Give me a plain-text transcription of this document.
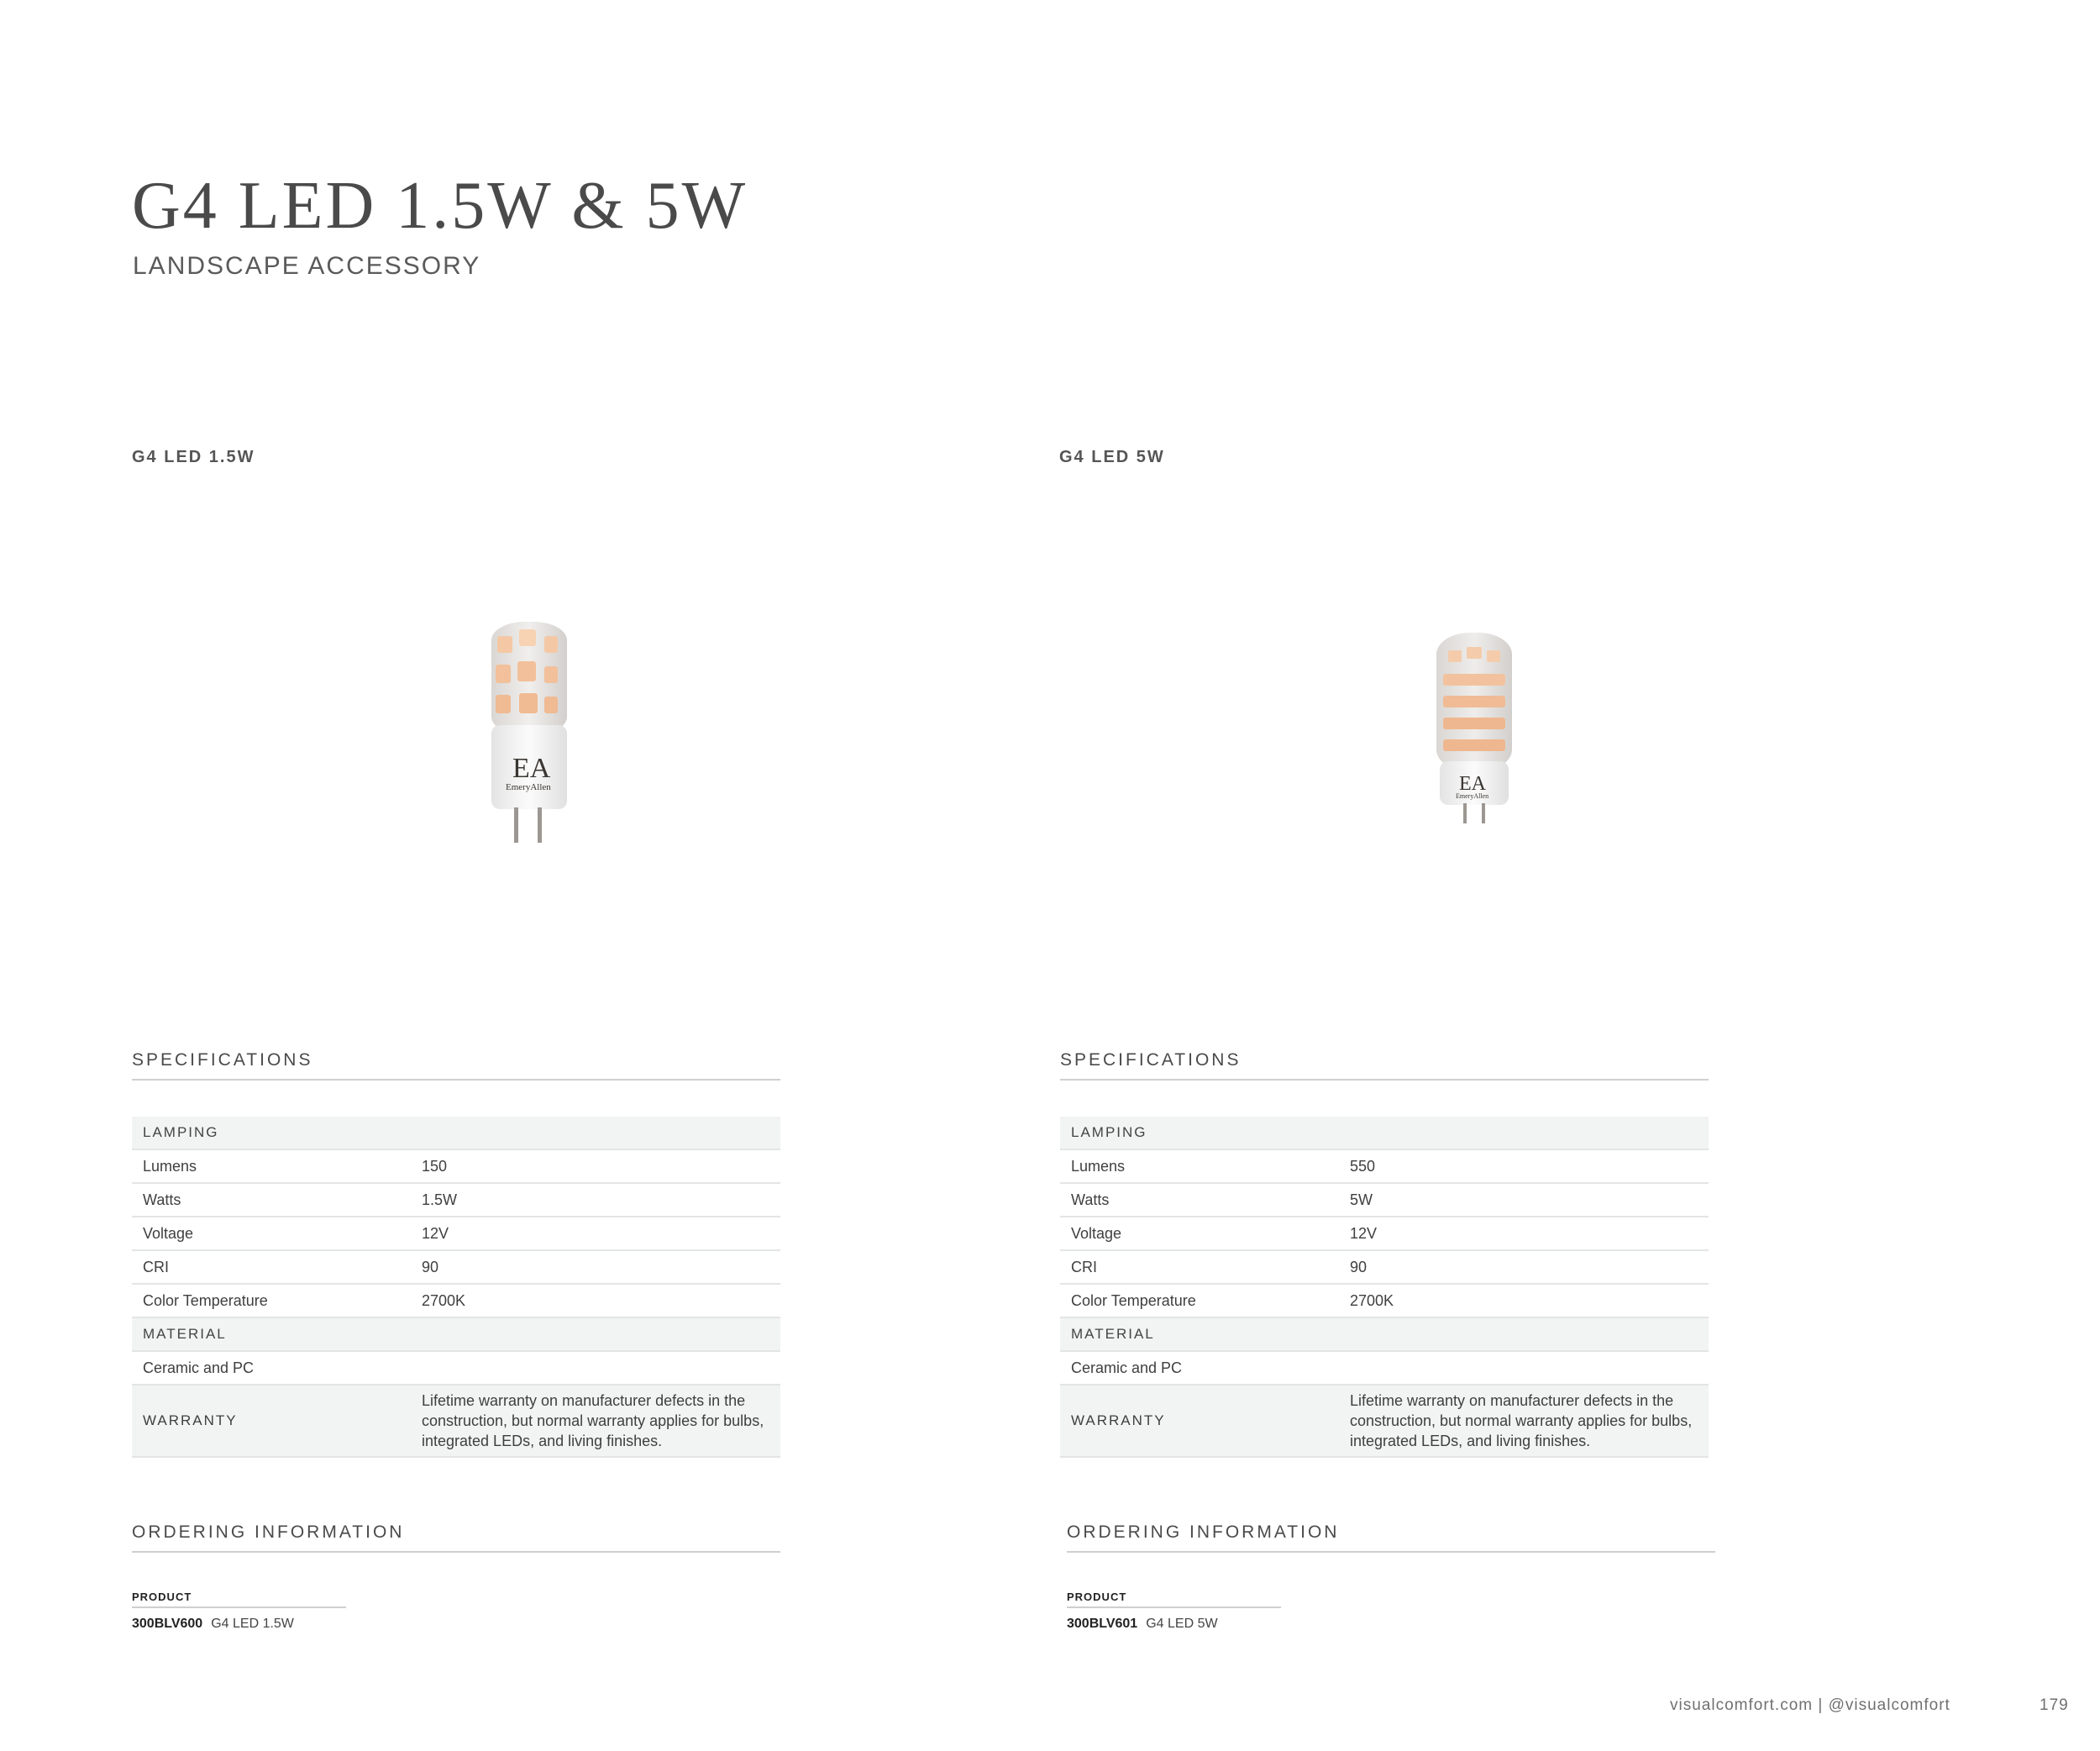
G4 LED 1.5W & 5W
LANDSCAPE ACCESSORY
G4 LED 1.5W	G4 LED 5W
EA
EmeryAllen	EA
EmeryAllen
SPECIFICATIONS
LAMPING	
Lumens	150
Watts	1.5W
Voltage	12V
CRI	90
Color Temperature	2700K
MATERIAL	
Ceramic and PC	
WARRANTY	Lifetime warranty on manufacturer defects in the construction, but normal warranty applies for bulbs, integrated LEDs, and living finishes.
SPECIFICATIONS
LAMPING	
Lumens	550
Watts	5W
Voltage	12V
CRI	90
Color Temperature	2700K
MATERIAL	
Ceramic and PC	
WARRANTY	Lifetime warranty on manufacturer defects in the construction, but normal warranty applies for bulbs, integrated LEDs, and living finishes.
ORDERING INFORMATION
PRODUCT
300BLV600 G4 LED 1.5W
ORDERING INFORMATION
PRODUCT
300BLV601 G4 LED 5W
visualcomfort.com | @visualcomfort	179
